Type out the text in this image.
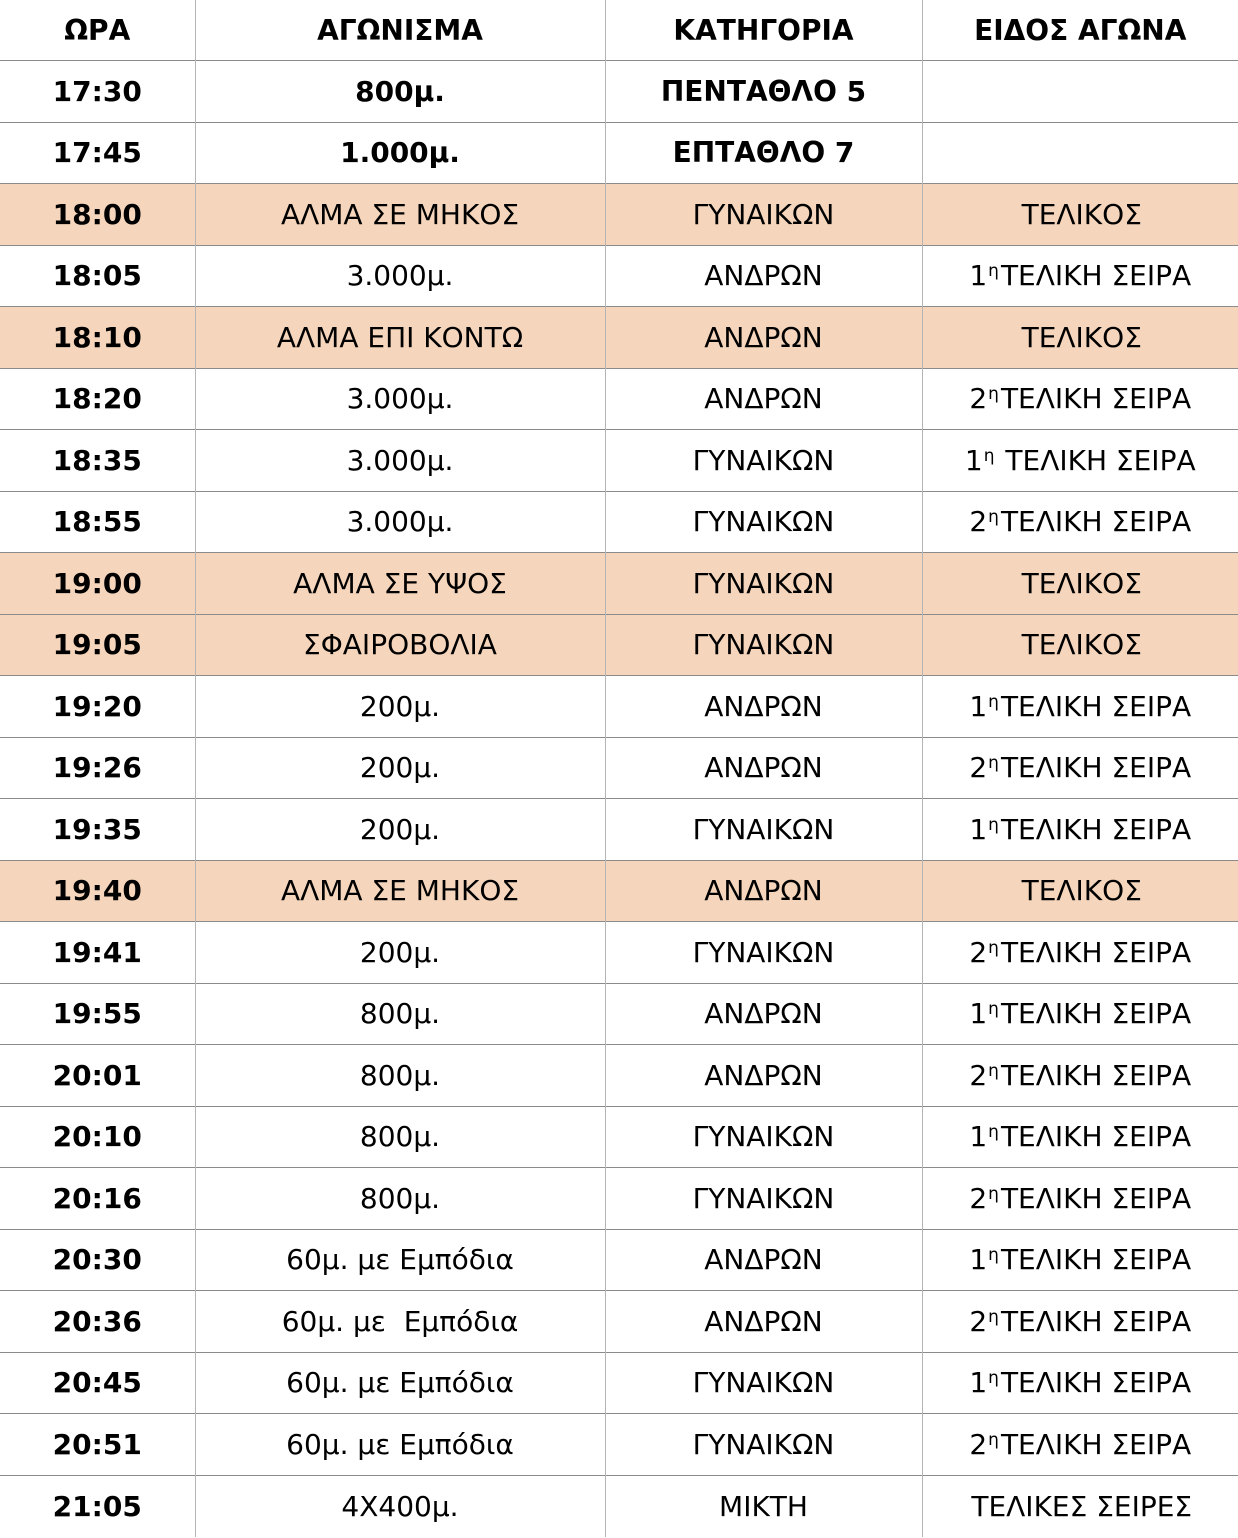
ΩΡΑ	ΑΓΩΝΙΣΜΑ	ΚΑΤΗΓΟΡΙΑ	ΕΙΔΟΣ ΑΓΩΝΑ
17:30	800μ.	ΠΕΝΤΑΘΛΟ 5	
17:45	1.000μ.	ΕΠΤΑΘΛΟ 7	
18:00	ΑΛΜΑ ΣΕ ΜΗΚΟΣ	ΓΥΝΑΙΚΩΝ	ΤΕΛΙΚΟΣ
18:05	3.000μ.	ΑΝΔΡΩΝ	$1^\eta TE\Lambda IKH$ ΣΕΙΡΑ
18:10	ΑΛΜΑ ΕΠΙ ΚΟΝΤΩ	ΑΝΔΡΩΝ	ΤΕΛΙΚΟΣ
18:20	3.000μ.	ΑΝΔΡΩΝ	$2^\eta TE\Lambda IKH$ ΣΕΙΡΑ
18:35	3.000μ.	ΓΥΝΑΙΚΩΝ	$1^\eta$ ΤΕΛΙΚΗ ΣΕΙΡΑ
18:55	3.000μ.	ΓΥΝΑΙΚΩΝ	$2^\eta TE\Lambda IKH$ ΣΕΙΡΑ
19:00	ΑΛΜΑ ΣΕ ΥΨΟΣ	ΓΥΝΑΙΚΩΝ	ΤΕΛΙΚΟΣ
19:05	ΣΦΑΙΡΟΒΟΛΙΑ	ΓΥΝΑΙΚΩΝ	ΤΕΛΙΚΟΣ
19:20	200μ.	ΑΝΔΡΩΝ	$1^\eta TE\Lambda IKH$ ΣΕΙΡΑ
19:26	200μ.	ΑΝΔΡΩΝ	$2^\eta TE\Lambda IKH$ ΣΕΙΡΑ
19:35	200μ.	ΓΥΝΑΙΚΩΝ	$1^\eta TE\Lambda IKH$ ΣΕΙΡΑ
19:40	ΑΛΜΑ ΣΕ ΜΗΚΟΣ	ΑΝΔΡΩΝ	ΤΕΛΙΚΟΣ
19:41	200μ.	ΓΥΝΑΙΚΩΝ	$2^\eta TE\Lambda IKH$ ΣΕΙΡΑ
19:55	800μ.	ΑΝΔΡΩΝ	$1^\eta TE\Lambda IKH$ ΣΕΙΡΑ
20:01	800μ.	ΑΝΔΡΩΝ	$2^\eta TE\Lambda IKH$ ΣΕΙΡΑ
20:10	800μ.	ΓΥΝΑΙΚΩΝ	$1^\eta TE\Lambda IKH$ ΣΕΙΡΑ
20:16	800μ.	ΓΥΝΑΙΚΩΝ	$2^\eta TE\Lambda IKH$ ΣΕΙΡΑ
20:30	60μ. με Εμπόδια	ΑΝΔΡΩΝ	$1^\eta TE\Lambda IKH$ ΣΕΙΡΑ
20:36	60μ. με  Εμπόδια	ΑΝΔΡΩΝ	$2^\eta TE\Lambda IKH$ ΣΕΙΡΑ
20:45	60μ. με Εμπόδια	ΓΥΝΑΙΚΩΝ	$1^\eta TE\Lambda IKH$ ΣΕΙΡΑ
20:51	60μ. με Εμπόδια	ΓΥΝΑΙΚΩΝ	$2^\eta TE\Lambda IKH$ ΣΕΙΡΑ
21:05	4Χ400μ.	ΜΙΚΤΗ	ΤΕΛΙΚΕΣ ΣΕΙΡΕΣ
